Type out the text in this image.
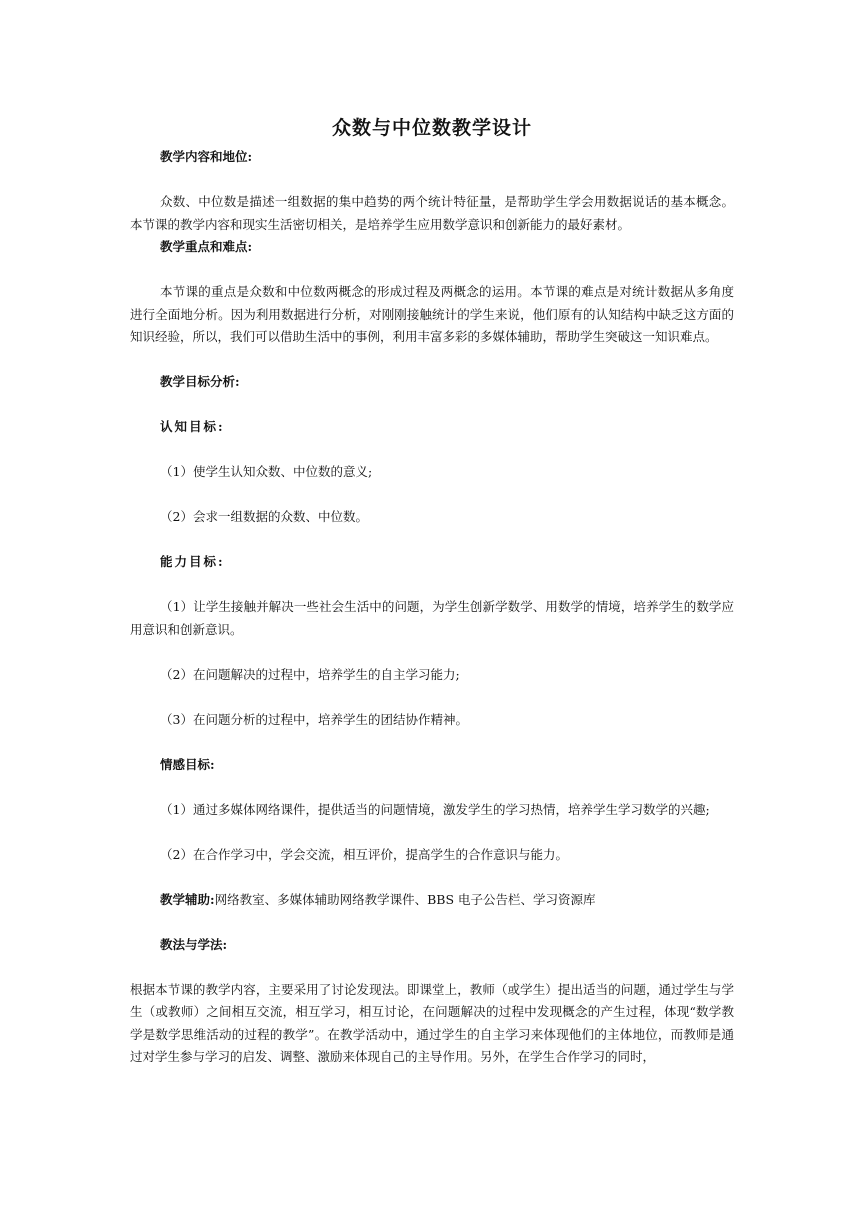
众数与中位数教学设计

教学内容和地位:

众数、中位数是描述一组数据的集中趋势的两个统计特征量，是帮助学生学会用数据说话的基本概念。本节课的教学内容和现实生活密切相关，是培养学生应用数学意识和创新能力的最好素材。

教学重点和难点:

本节课的重点是众数和中位数两概念的形成过程及两概念的运用。本节课的难点是对统计数据从多角度进行全面地分析。因为利用数据进行分析，对刚刚接触统计的学生来说，他们原有的认知结构中缺乏这方面的知识经验，所以，我们可以借助生活中的事例，利用丰富多彩的多媒体辅助，帮助学生突破这一知识难点。

教学目标分析:

认知目标:

（1）使学生认知众数、中位数的意义;

（2）会求一组数据的众数、中位数。

能力目标:

（1）让学生接触并解决一些社会生活中的问题，为学生创新学数学、用数学的情境，培养学生的数学应用意识和创新意识。

（2）在问题解决的过程中，培养学生的自主学习能力;

（3）在问题分析的过程中，培养学生的团结协作精神。

情感目标:

（1）通过多媒体网络课件，提供适当的问题情境，激发学生的学习热情，培养学生学习数学的兴趣;

（2）在合作学习中，学会交流，相互评价，提高学生的合作意识与能力。

教学辅助:网络教室、多媒体辅助网络教学课件、BBS 电子公告栏、学习资源库

教法与学法:

根据本节课的教学内容，主要采用了讨论发现法。即课堂上，教师（或学生）提出适当的问题，通过学生与学生（或教师）之间相互交流，相互学习，相互讨论，在问题解决的过程中发现概念的产生过程，体现“数学教学是数学思维活动的过程的教学”。在教学活动中，通过学生的自主学习来体现他们的主体地位，而教师是通过对学生参与学习的启发、调整、激励来体现自己的主导作用。另外，在学生合作学习的同时，
